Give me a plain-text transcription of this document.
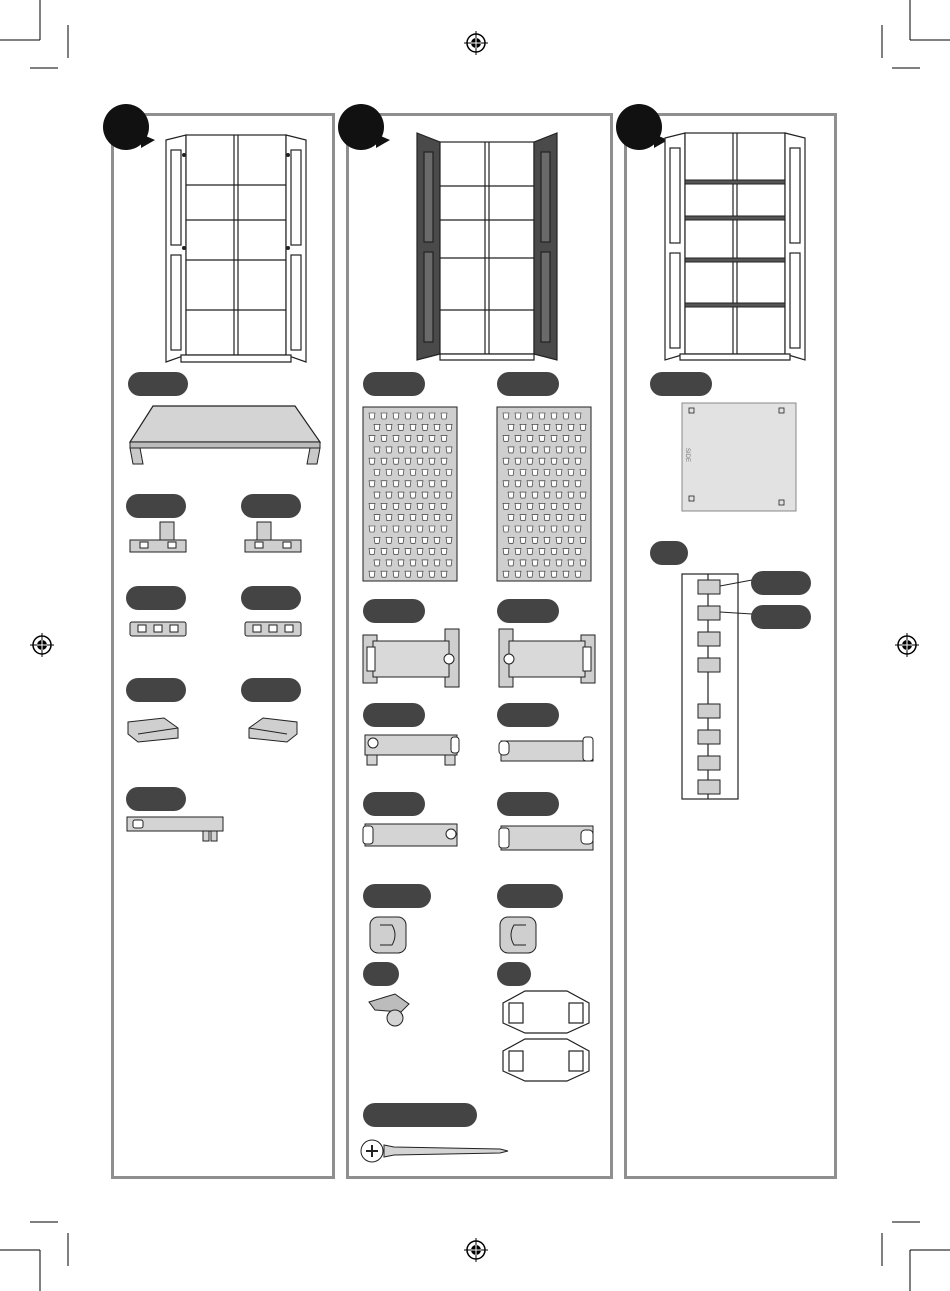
SIDE
